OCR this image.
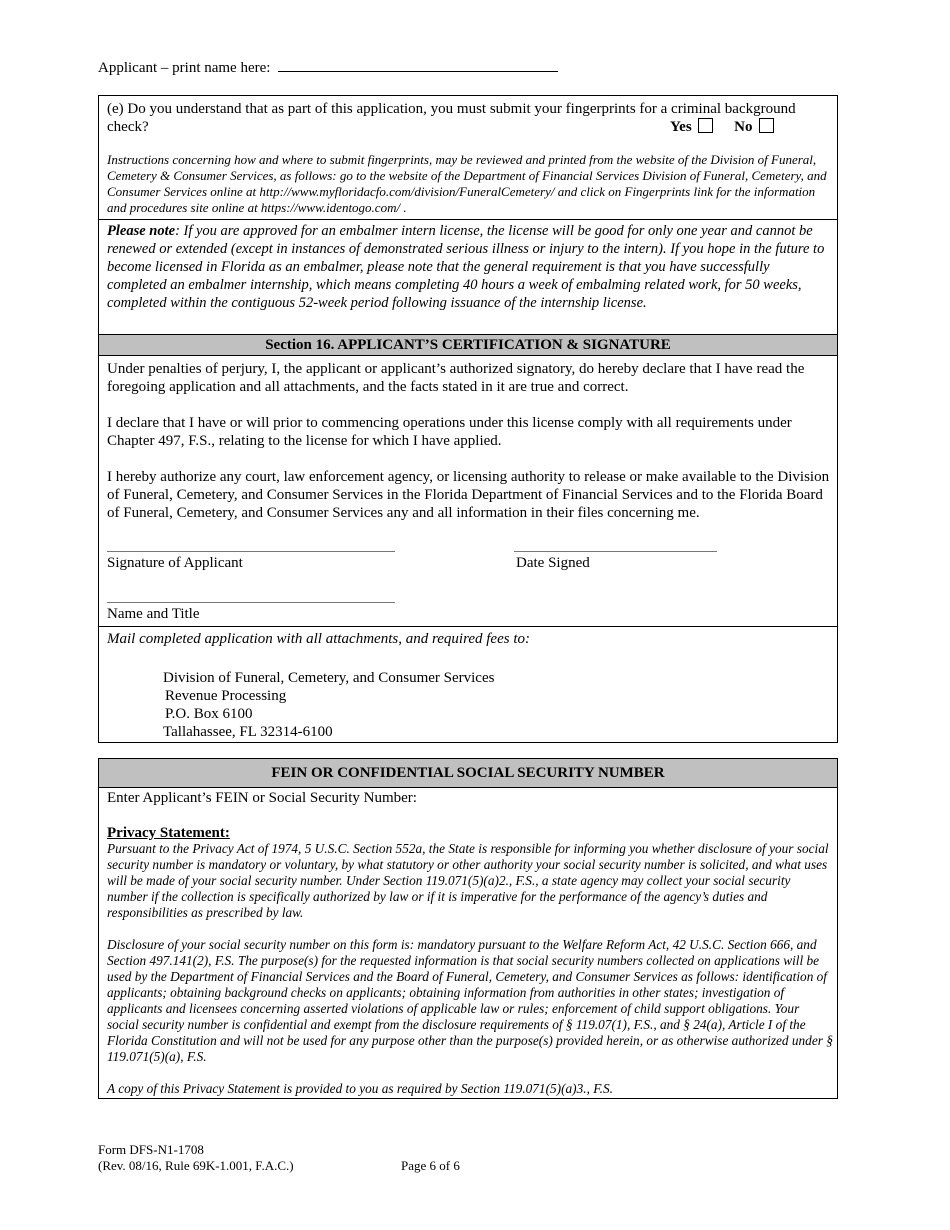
Applicant – print name here:

(e) Do you understand that as part of this application, you must submit your fingerprints for a criminal background check?	Yes	No

Instructions concerning how and where to submit fingerprints, may be reviewed and printed from the website of the Division of Funeral, Cemetery & Consumer Services, as follows: go to the website of the Department of Financial Services Division of Funeral, Cemetery, and Consumer Services online at http://www.myfloridacfo.com/division/FuneralCemetery/ and click on Fingerprints link for the information and procedures site online at https://www.identogo.com/ .

Please note: If you are approved for an embalmer intern license, the license will be good for only one year and cannot be renewed or extended (except in instances of demonstrated serious illness or injury to the intern). If you hope in the future to become licensed in Florida as an embalmer, please note that the general requirement is that you have successfully completed an embalmer internship, which means completing 40 hours a week of embalming related work, for 50 weeks, completed within the contiguous 52-week period following issuance of the internship license.

Section 16. APPLICANT’S CERTIFICATION & SIGNATURE

Under penalties of perjury, I, the applicant or applicant’s authorized signatory, do hereby declare that I have read the foregoing application and all attachments, and the facts stated in it are true and correct.

I declare that I have or will prior to commencing operations under this license comply with all requirements under Chapter 497, F.S., relating to the license for which I have applied.

I hereby authorize any court, law enforcement agency, or licensing authority to release or make available to the Division of Funeral, Cemetery, and Consumer Services in the Florida Department of Financial Services and to the Florida Board of Funeral, Cemetery, and Consumer Services any and all information in their files concerning me.

Signature of Applicant	Date Signed
Name and Title
Mail completed application with all attachments, and required fees to:

Division of Funeral, Cemetery, and Consumer Services

Revenue Processing

P.O. Box 6100

Tallahassee, FL 32314-6100

FEIN OR CONFIDENTIAL SOCIAL SECURITY NUMBER
Enter Applicant’s FEIN or Social Security Number:
Privacy Statement:

Pursuant to the Privacy Act of 1974, 5 U.S.C. Section 552a, the State is responsible for informing you whether disclosure of your social security number is mandatory or voluntary, by what statutory or other authority your social security number is solicited, and what uses will be made of your social security number. Under Section 119.071(5)(a)2., F.S., a state agency may collect your social security number if the collection is specifically authorized by law or if it is imperative for the performance of the agency’s duties and responsibilities as prescribed by law.

Disclosure of your social security number on this form is: mandatory pursuant to the Welfare Reform Act, 42 U.S.C. Section 666, and Section 497.141(2), F.S. The purpose(s) for the requested information is that social security numbers collected on applications will be used by the Department of Financial Services and the Board of Funeral, Cemetery, and Consumer Services as follows: identification of applicants; obtaining background checks on applicants; obtaining information from authorities in other states; investigation of applicants and licensees concerning asserted violations of applicable law or rules; enforcement of child support obligations. Your social security number is confidential and exempt from the disclosure requirements of § 119.07(1), F.S., and § 24(a), Article I of the Florida Constitution and will not be used for any purpose other than the purpose(s) provided herein, or as otherwise authorized under § 119.071(5)(a), F.S.

A copy of this Privacy Statement is provided to you as required by Section 119.071(5)(a)3., F.S.

Form DFS-N1-1708

(Rev. 08/16, Rule 69K-1.001, F.A.C.)	Page 6 of 6
